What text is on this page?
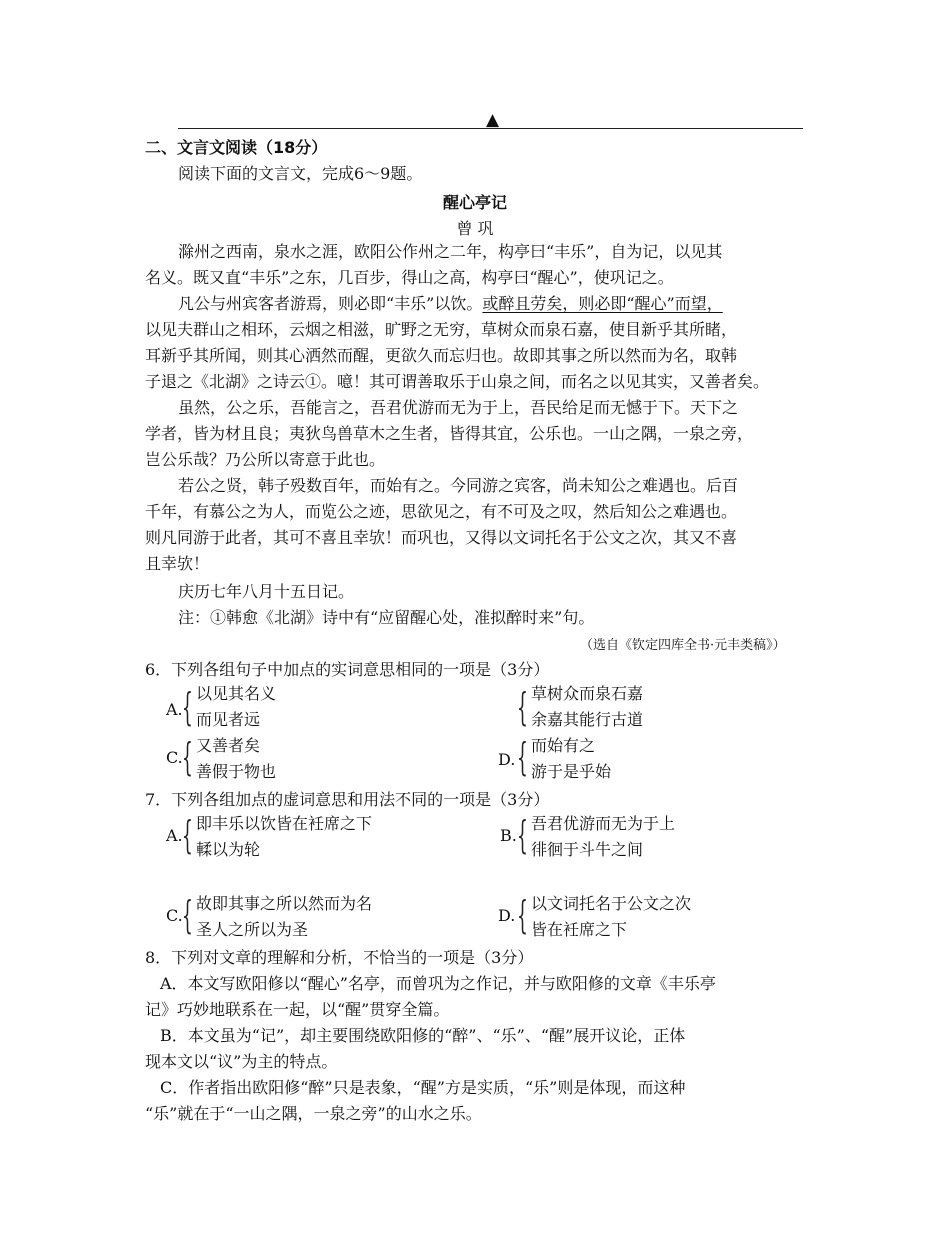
▲
二、文言文阅读（18分）
阅读下面的文言文，完成6～9题。
醒心亭记
曾 巩
滁州之西南，泉水之涯，欧阳公作州之二年，构亭曰“丰乐”，自为记，以见其
名义。既又直“丰乐”之东，几百步，得山之高，构亭曰“醒心”，使巩记之。
凡公与州宾客者游焉，则必即“丰乐”以饮。或醉且劳矣，则必即“醒心”而望，
以见夫群山之相环，云烟之相滋，旷野之无穷，草树众而泉石嘉，使目新乎其所睹，
耳新乎其所闻，则其心洒然而醒，更欲久而忘归也。故即其事之所以然而为名，取韩
子退之《北湖》之诗云①。噫！其可谓善取乐于山泉之间，而名之以见其实，又善者矣。
虽然，公之乐，吾能言之，吾君优游而无为于上，吾民给足而无憾于下。天下之
学者，皆为材且良；夷狄鸟兽草木之生者，皆得其宜，公乐也。一山之隅，一泉之旁，
岂公乐哉？乃公所以寄意于此也。
若公之贤，韩子殁数百年，而始有之。今同游之宾客，尚未知公之难遇也。后百
千年，有慕公之为人，而览公之迹，思欲见之，有不可及之叹，然后知公之难遇也。
则凡同游于此者，其可不喜且幸欤！而巩也，又得以文词托名于公文之次，其又不喜
且幸欤！
庆历七年八月十五日记。
注：①韩愈《北湖》诗中有“应留醒心处，准拟醉时来”句。
（选自《钦定四库全书·元丰类稿》）
6．下列各组句子中加点的实词意思相同的一项是（3分）
A. { 以见其名义
而见者远	{ 草树众而泉石嘉
余嘉其能行古道
C. { 又善者矣
善假于物也
D. { 而始有之
游于是乎始
7．下列各组加点的虚词意思和用法不同的一项是（3分）
A. { 即丰乐以饮皆在衽席之下
輮以为轮
B. { 吾君优游而无为于上
徘徊于斗牛之间
C. { 故即其事之所以然而为名
圣人之所以为圣
D. { 以文词托名于公文之次
皆在衽席之下
8．下列对文章的理解和分析，不恰当的一项是（3分）
A．本文写欧阳修以“醒心”名亭，而曾巩为之作记，并与欧阳修的文章《丰乐亭
记》巧妙地联系在一起，以“醒”贯穿全篇。
B．本文虽为“记”，却主要围绕欧阳修的“醉”、“乐”、“醒”展开议论，正体
现本文以“议”为主的特点。
C．作者指出欧阳修“醉”只是表象，“醒”方是实质，“乐”则是体现，而这种
“乐”就在于“一山之隅，一泉之旁”的山水之乐。
